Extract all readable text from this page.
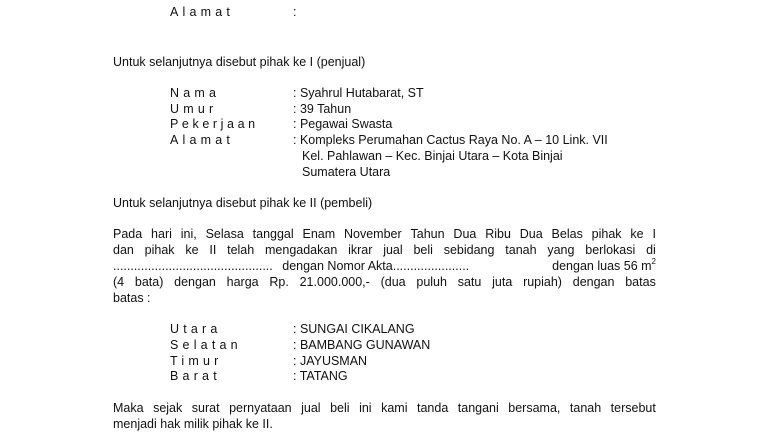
Alamat	:
Untuk selanjutnya disebut pihak ke I (penjual)
Nama	: Syahrul Hutabarat, ST
Umur	: 39 Tahun
Pekerjaan	: Pegawai Swasta
Alamat	: Kompleks Perumahan Cactus Raya No. A – 10 Link. VII
Kel. Pahlawan – Kec. Binjai Utara – Kota Binjai
Sumatera Utara
Untuk selanjutnya disebut pihak ke II (pembeli)
Pada hari ini, Selasa tanggal Enam November Tahun Dua Ribu Dua Belas pihak ke I
dan pihak ke II telah mengadakan ikrar jual beli sebidang tanah yang berlokasi di
.............................................. dengan Nomor Akta......................	dengan luas 56 $m^2$
(4 bata) dengan harga Rp. 21.000.000,- (dua puluh satu juta rupiah) dengan batas
batas :
Utara	: SUNGAI CIKALANG
Selatan	: BAMBANG GUNAWAN
Timur	: JAYUSMAN
Barat	: TATANG
Maka sejak surat pernyataan jual beli ini kami tanda tangani bersama, tanah tersebut
menjadi hak milik pihak ke II.
